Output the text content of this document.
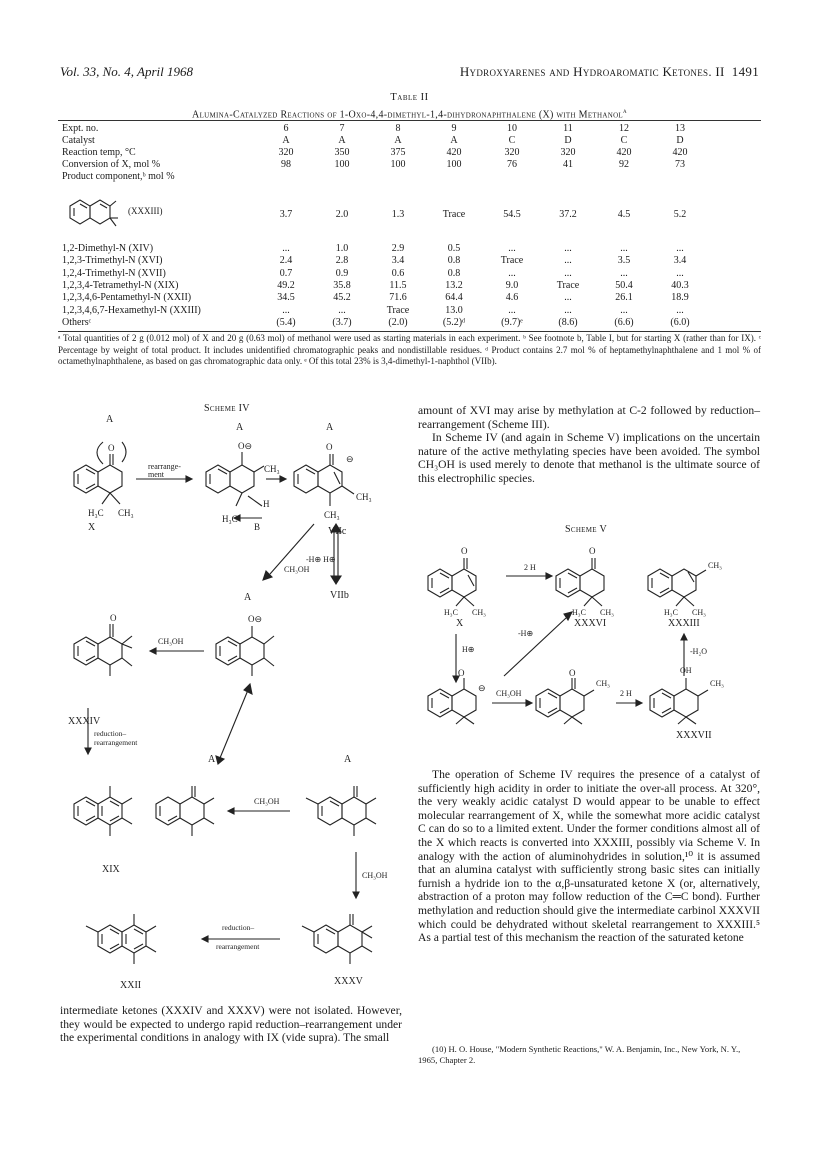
Vol. 33, No. 4, April 1968	Hydroxyarenes and Hydroaromatic Ketones. II 1491
Table II
Alumina-Catalyzed Reactions of 1-Oxo-4,4-dimethyl-1,4-dihydronaphthalene (X) with Methanol$^a$
Expt. no.	6	7	8	9	10	11	12	13
Catalyst	A	A	A	A	C	D	C	D
Reaction temp, °C	320	350	375	420	320	320	420	420
Conversion of X, mol %	98	100	100	100	76	41	92	73
Product component,ᵇ mol %
(XXXIII)	3.7	2.0	1.3	Trace	54.5	37.2	4.5	5.2
1,2-Dimethyl-N (XIV)	...	1.0	2.9	0.5	...	...	...	...
1,2,3-Trimethyl-N (XVI)	2.4	2.8	3.4	0.8	Trace	...	3.5	3.4
1,2,4-Trimethyl-N (XVII)	0.7	0.9	0.6	0.8	...	...	...	...
1,2,3,4-Tetramethyl-N (XIX)	49.2	35.8	11.5	13.2	9.0	Trace	50.4	40.3
1,2,3,4,6-Pentamethyl-N (XXII)	34.5	45.2	71.6	64.4	4.6	...	26.1	18.9
1,2,3,4,6,7-Hexamethyl-N (XXIII)	...	...	Trace	13.0	...	...	...	...
Othersᶜ	(5.4)	(3.7)	(2.0)	(5.2)ᵈ	(9.7)ᵉ	(8.6)	(6.6)	(6.0)
ᵃ Total quantities of 2 g (0.012 mol) of X and 20 g (0.63 mol) of methanol were used as starting materials in each experiment. ᵇ See footnote b, Table I, but for starting X (rather than for IX). ᶜ Percentage by weight of total product. It includes unidentified chromatographic peaks and nondistillable residues. ᵈ Product contains 2.7 mol % of heptamethylnaphthalene and 1 mol % of octamethylnaphthalene, as based on gas chromatographic data only. ᵉ Of this total 23% is 3,4-dimethyl-1-naphthol (VIIb).
Scheme IV
A
A	A
rearrange-
ment
O	O⊖	O
⊖
H₃C CH₃
X
H₃C
H
CH₃
B
CH₃
CH₃
VIIc
CH₃OH
-H⊕ H⊕
VIIb
A
O⊖
O
CH₃OH
XXXIV
reduction–
rearrangement
A	A
CH₃OH
XIX
CH₃OH
reduction–
rearrangement
XXII	XXXV
intermediate ketones (XXXIV and XXXV) were not isolated. However, they would be expected to undergo rapid reduction–rearrangement under the experimental conditions in analogy with IX (vide supra). The small
amount of XVI may arise by methylation at C-2 followed by reduction–rearrangement (Scheme III).
In Scheme IV (and again in Scheme V) implications on the uncertain nature of the active methylating species have been avoided. The symbol CH₃OH is used merely to denote that methanol is the ultimate source of this electrophilic species.
Scheme V
O	O
2 H	CH₃
H₃C CH₃	H₃C CH₃	H₃C CH₃
X	XXXVI	XXXIII
H⊕
-H⊕
-H₂O
OH
O
⊖
O
CH₃OH
CH₃	CH₃
2 H
XXXVII
The operation of Scheme IV requires the presence of a catalyst of sufficiently high acidity in order to initiate the over-all process. At 320°, the very weakly acidic catalyst D would appear to be unable to effect molecular rearrangement of X, while the somewhat more acidic catalyst C can do so to a limited extent. Under the former conditions almost all of the X which reacts is converted into XXXIII, possibly via Scheme V. In analogy with the action of aluminohydrides in solution,¹⁰ it is assumed that an alumina catalyst with sufficiently strong basic sites can initially furnish a hydride ion to the α,β-unsaturated ketone X (or, alternatively, abstraction of a proton may follow reduction of the C═C bond). Further methylation and reduction should give the intermediate carbinol XXXVII which could be dehydrated without skeletal rearrangement to XXXIII.⁵ As a partial test of this mechanism the reaction of the saturated ketone
(10) H. O. House, "Modern Synthetic Reactions," W. A. Benjamin, Inc., New York, N. Y., 1965, Chapter 2.
